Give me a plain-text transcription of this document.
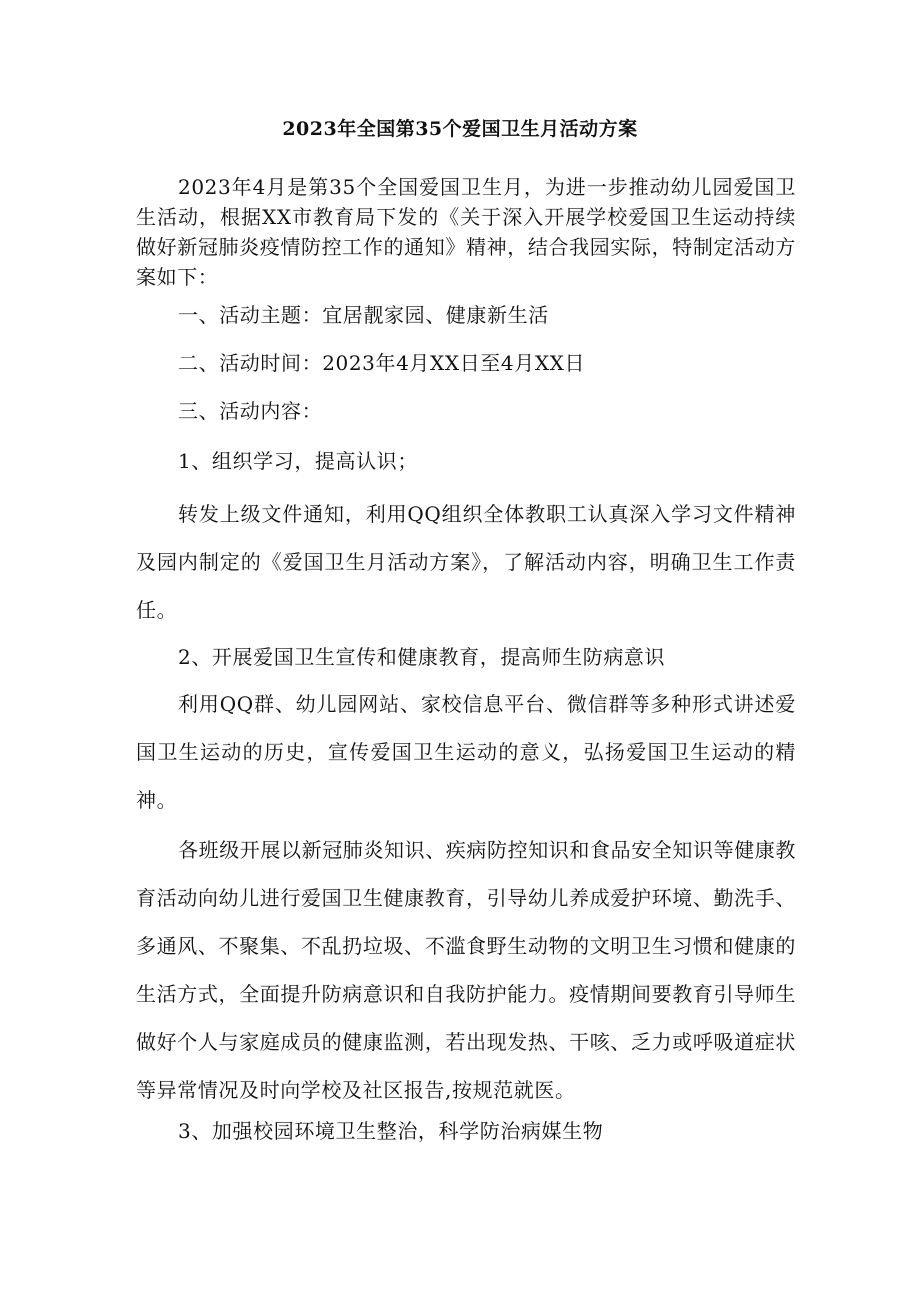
2023年全国第35个爱国卫生月活动方案

2023年4月是第35个全国爱国卫生月，为进一步推动幼儿园爱国卫生活动，根据XX市教育局下发的《关于深入开展学校爱国卫生运动持续做好新冠肺炎疫情防控工作的通知》精神，结合我园实际，特制定活动方案如下：

一、活动主题：宜居靓家园、健康新生活

二、活动时间：2023年4月XX日至4月XX日

三、活动内容：

1、组织学习，提高认识；

转发上级文件通知，利用QQ组织全体教职工认真深入学习文件精神及园内制定的《爱国卫生月活动方案》，了解活动内容，明确卫生工作责任。

2、开展爱国卫生宣传和健康教育，提高师生防病意识

利用QQ群、幼儿园网站、家校信息平台、微信群等多种形式讲述爱国卫生运动的历史，宣传爱国卫生运动的意义，弘扬爱国卫生运动的精神。

各班级开展以新冠肺炎知识、疾病防控知识和食品安全知识等健康教育活动向幼儿进行爱国卫生健康教育，引导幼儿养成爱护环境、勤洗手、多通风、不聚集、不乱扔垃圾、不滥食野生动物的文明卫生习惯和健康的生活方式，全面提升防病意识和自我防护能力。疫情期间要教育引导师生做好个人与家庭成员的健康监测，若出现发热、干咳、乏力或呼吸道症状等异常情况及时向学校及社区报告,按规范就医。

3、加强校园环境卫生整治，科学防治病媒生物
